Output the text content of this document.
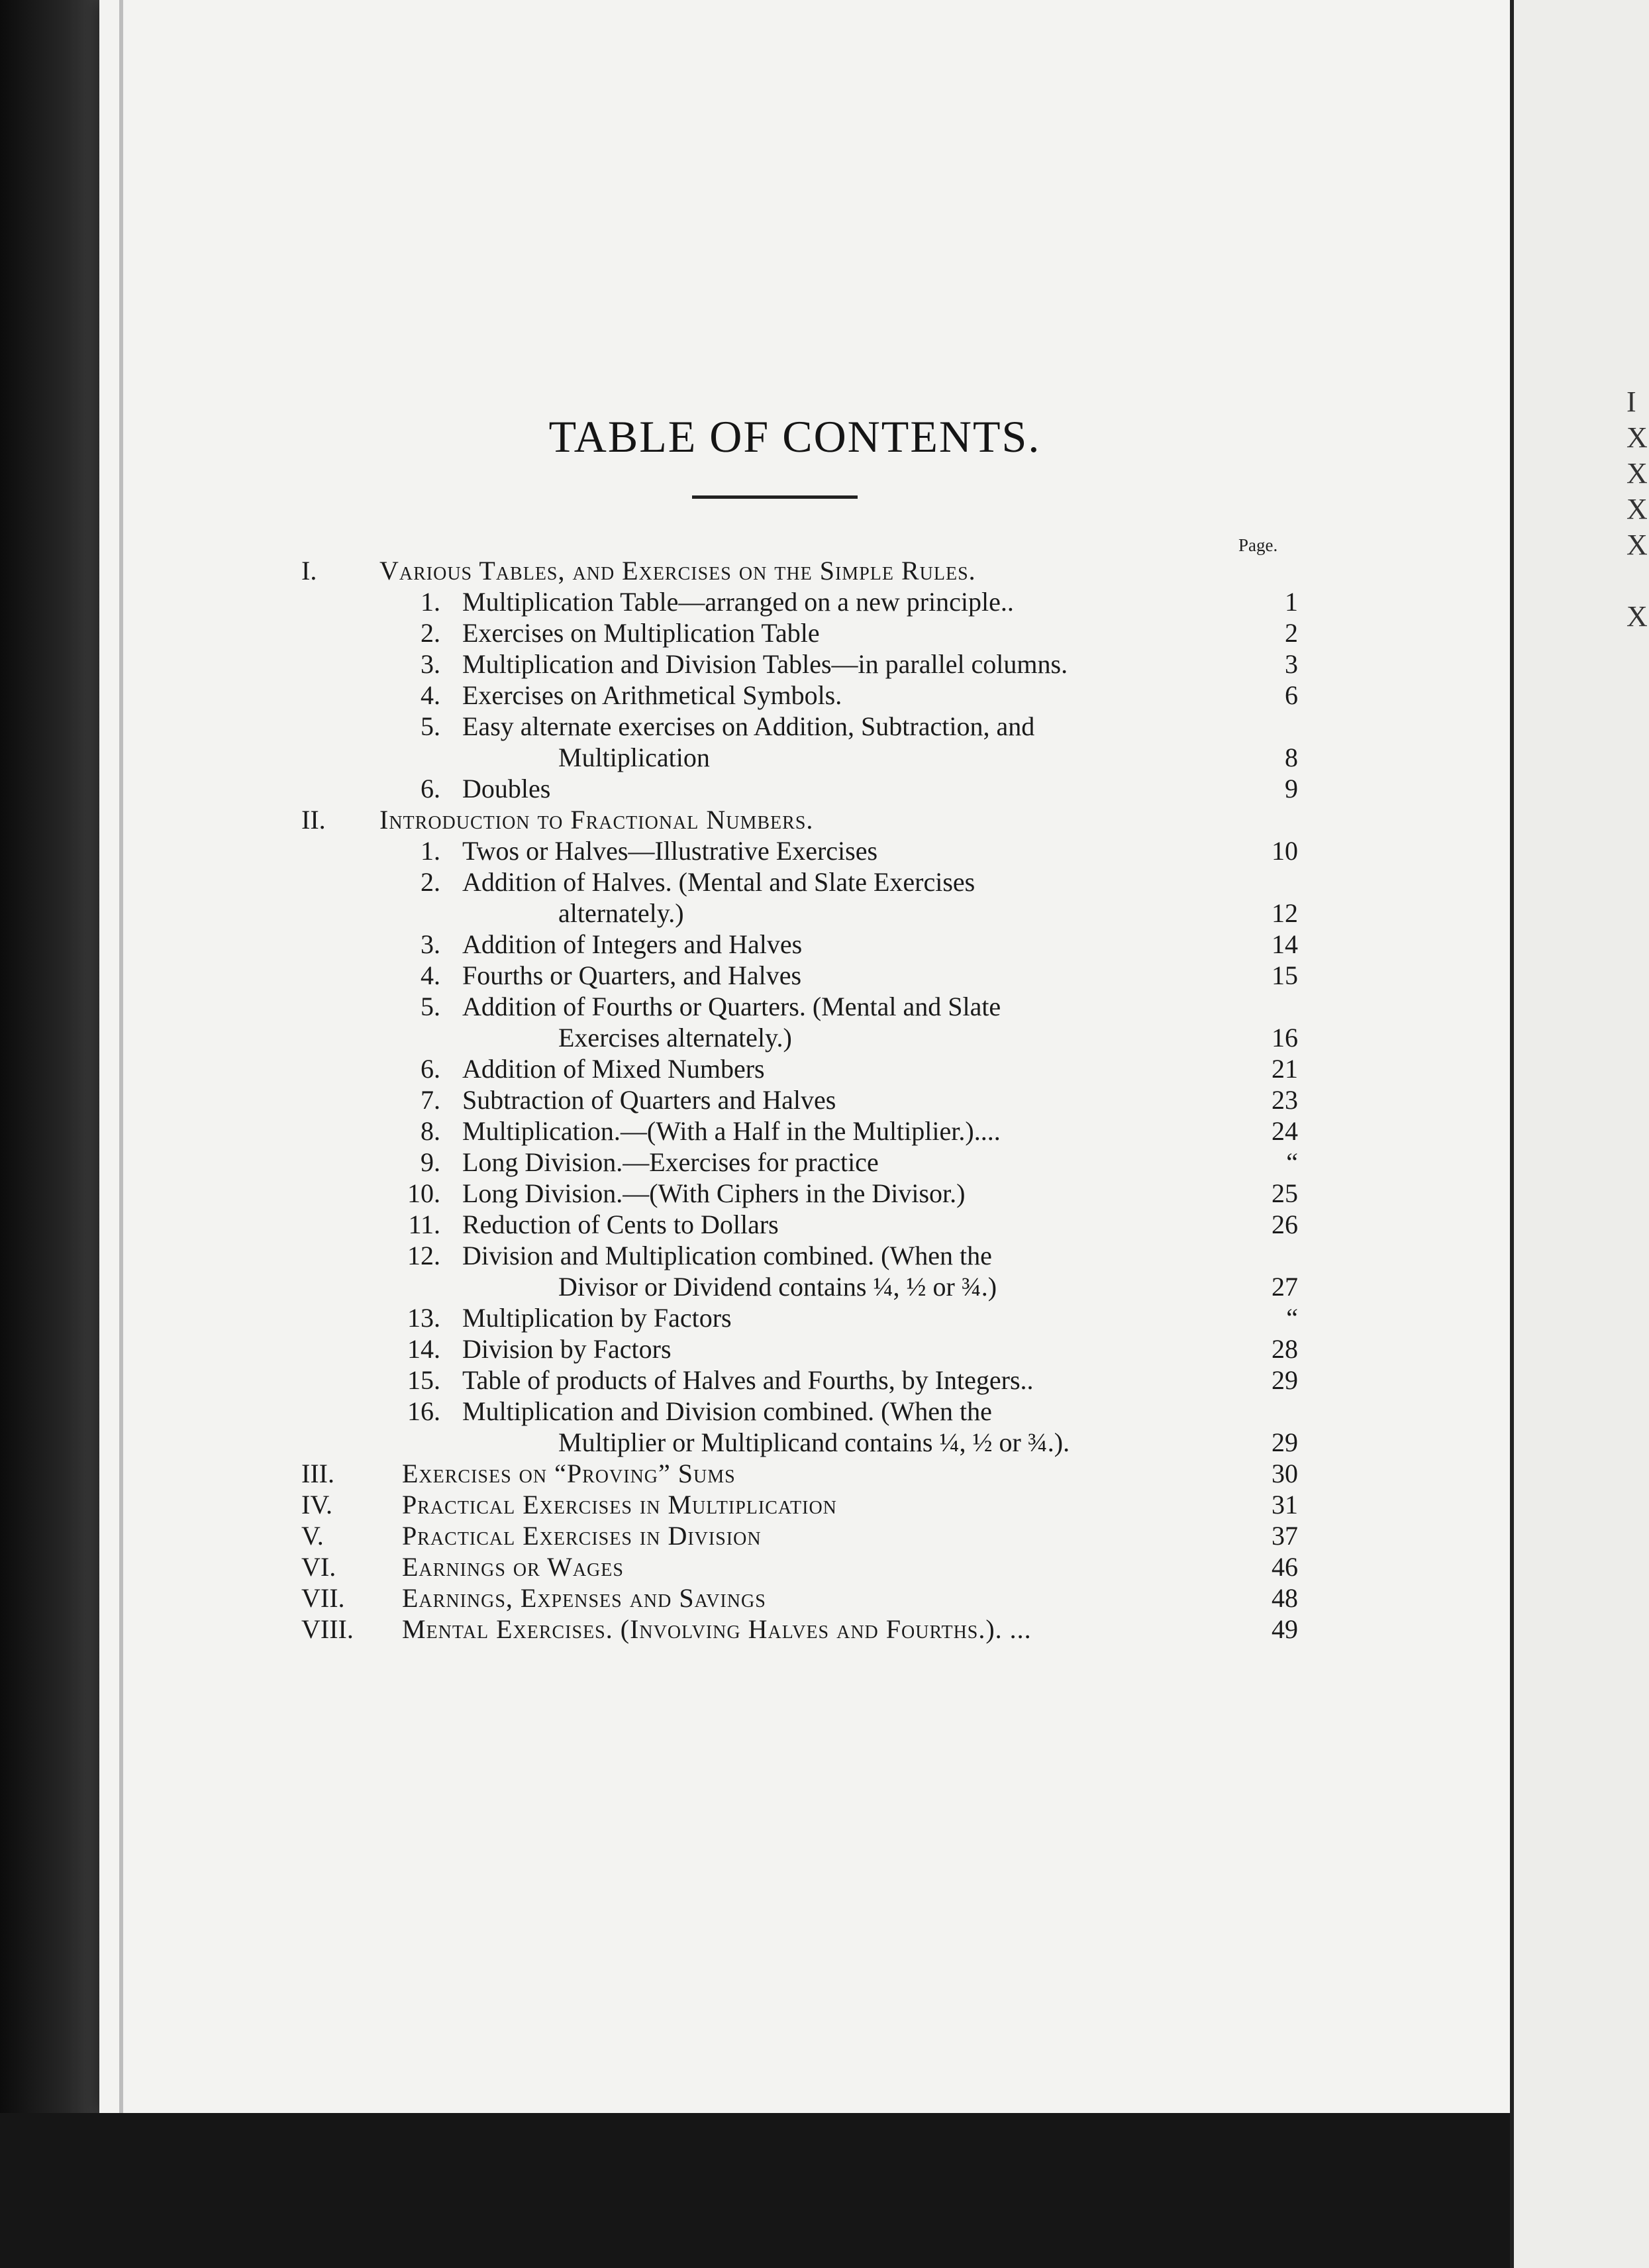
I
X
X
X
X

X
TABLE OF CONTENTS.
Page.
I.	Various Tables, and Exercises on the Simple Rules.
1. Multiplication Table—arranged on a new principle..	1
2. Exercises on Multiplication Table	2
3. Multiplication and Division Tables—in parallel columns.	3
4. Exercises on Arithmetical Symbols.	6
5. Easy alternate exercises on Addition, Subtraction, and
Multiplication	8
6. Doubles	9
II.	Introduction to Fractional Numbers.
1. Twos or Halves—Illustrative Exercises	10
2. Addition of Halves. (Mental and Slate Exercises
alternately.)	12
3. Addition of Integers and Halves	14
4. Fourths or Quarters, and Halves	15
5. Addition of Fourths or Quarters. (Mental and Slate
Exercises alternately.)	16
6. Addition of Mixed Numbers	21
7. Subtraction of Quarters and Halves	23
8. Multiplication.—(With a Half in the Multiplier.)....	24
9. Long Division.—Exercises for practice	“
10. Long Division.—(With Ciphers in the Divisor.)	25
11. Reduction of Cents to Dollars	26
12. Division and Multiplication combined. (When the
Divisor or Dividend contains ¼, ½ or ¾.)	27
13. Multiplication by Factors	“
14. Division by Factors	28
15. Table of products of Halves and Fourths, by Integers..	29
16. Multiplication and Division combined. (When the
Multiplier or Multiplicand contains ¼, ½ or ¾.).	29
III.	Exercises on “Proving” Sums	30
IV.	Practical Exercises in Multiplication	31
V.	Practical Exercises in Division	37
VI.	Earnings or Wages	46
VII.	Earnings, Expenses and Savings	48
VIII.	Mental Exercises. (Involving Halves and Fourths.). ...	49
